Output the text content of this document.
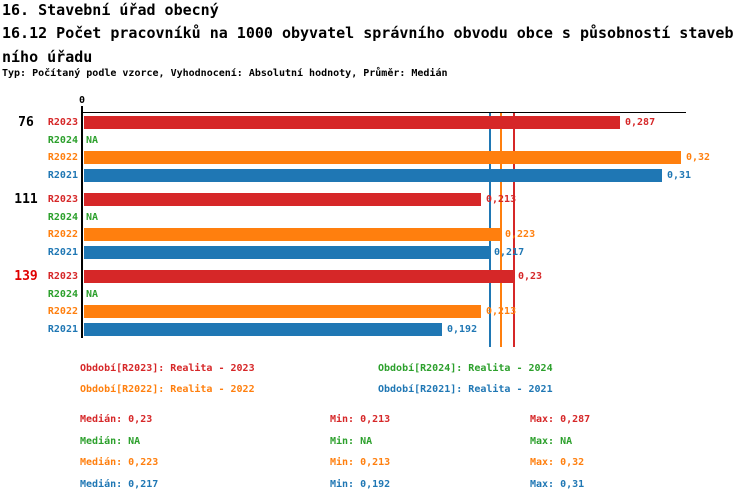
16. Stavební úřad obecný
16.12 Počet pracovníků na 1000 obyvatel správního obvodu obce s působností staveb
ního úřadu
Typ: Počítaný podle vzorce, Vyhodnocení: Absolutní hodnoty, Průměr: Medián
0
76	R2023	0,287
R2024 NA
R2022	0,32
R2021	0,31
111	R2023	0,213
R2024 NA
R2022	0,223
R2021	0,217
139	R2023	0,23
R2024 NA
R2022	0,213
R2021	0,192
Období[R2023]: Realita - 2023	Období[R2024]: Realita - 2024
Období[R2022]: Realita - 2022	Období[R2021]: Realita - 2021
Medián: 0,23	Min: 0,213	Max: 0,287
Medián: NA	Min: NA	Max: NA
Medián: 0,223	Min: 0,213	Max: 0,32
Medián: 0,217	Min: 0,192	Max: 0,31
